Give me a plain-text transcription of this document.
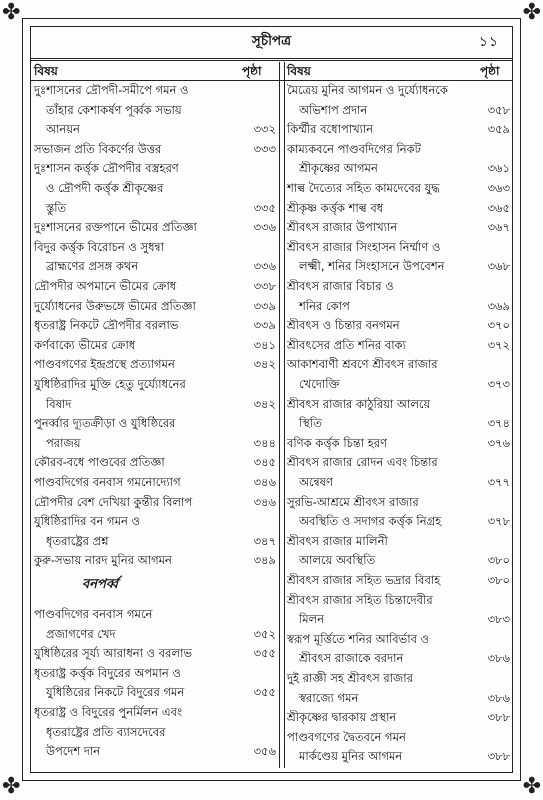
✤	✤
✤	✤
সূচীপত্র	১১
বিষয়	পৃষ্ঠা বিষয়	পৃষ্ঠা
দুঃশাসনের দ্রৌপদী-সমীপে গমন ও
তাঁহার কেশাকর্ষণ পূর্ব্বক সভায়
আনয়ন	৩৩২
সভাজন প্রতি বিকর্ণের উত্তর	৩৩৩
দুঃশাসন কর্ত্তৃক দ্রৌপদীর বস্ত্রহরণ
ও দ্রৌপদী কর্ত্তৃক শ্রীকৃষ্ণের
স্তুতি	৩৩৫
দুঃশাসনের রক্তপানে ভীমের প্রতিজ্ঞা	৩৩৬
বিদুর কর্ত্তৃক বিরোচন ও সুধন্বা
ব্রাহ্মণের প্রসঙ্গ কথন	৩৩৬
দ্রৌপদীর অপমানে ভীমের ক্রোধ	৩৩৮
দুর্য্যোধনের উরুভঙ্গে ভীমের প্রতিজ্ঞা	৩৩৯
ধৃতরাষ্ট্র নিকটে দ্রৌপদীর বরলাভ	৩৩৯
কর্ণবাক্যে ভীমের ক্রোধ	৩৪১
পাণ্ডবগণের ইন্দ্রপ্রস্থে প্রত্যাগমন	৩৪২
যুধিষ্ঠিরাদির মুক্তি হেতু দুর্য্যোধনের
বিষাদ	৩৪২
পুনর্ব্বার দ্যূতক্রীড়া ও যুধিষ্ঠিরের
পরাজয়	৩৪৪
কৌরব-বধে পাণ্ডবের প্রতিজ্ঞা	৩৪৫
পাণ্ডবদিগের বনবাস গমনোদ্যোগ	৩৪৬
দ্রৌপদীর বেশ দেখিয়া কুন্তীর বিলাপ	৩৪৬
যুধিষ্ঠিরাদির বন গমন ও
ধৃতরাষ্ট্রের প্রশ্ন	৩৪৭
কুরু-সভায় নারদ মুনির আগমন	৩৪৯
বনপর্ব্ব
পাণ্ডবদিগের বনবাস গমনে
প্রজাগণের খেদ	৩৫২
যুধিষ্ঠিরের সূর্য্য আরাধনা ও বরলাভ	৩৫৫
ধৃতরাষ্ট্র কর্ত্তৃক বিদুরের অপমান ও
যুধিষ্ঠিরের নিকটে বিদুরের গমন	৩৫৫
ধৃতরাষ্ট্র ও বিদুরের পুনর্মিলন এবং
ধৃতরাষ্ট্রের প্রতি ব্যাসদেবের
উপদেশ দান	৩৫৬
মৈত্রেয় মুনির আগমন ও দুর্য্যোধনকে
অভিশাপ প্রদান	৩৫৮
কির্ম্মীর বধোপাখ্যান	৩৫৯
কাম্যকবনে পাণ্ডবদিগের নিকট
শ্রীকৃষ্ণের আগমন	৩৬১
শাল্ব দৈত্যের সহিত কামদেবের যুদ্ধ	৩৬৩
শ্রীকৃষ্ণ কর্ত্তৃক শাল্ব বধ	৩৬৫
শ্রীবৎস রাজার উপাখ্যান	৩৬৭
শ্রীবৎস রাজার সিংহাসন নির্ম্মাণ ও
লক্ষ্মী, শনির সিংহাসনে উপবেশন	৩৬৮
শ্রীবৎস রাজার বিচার ও
শনির কোপ	৩৬৯
শ্রীবৎস ও চিন্তার বনগমন	৩৭০
শ্রীবৎসের প্রতি শনির বাক্য	৩৭২
আকাশবাণী শ্রবণে শ্রীবৎস রাজার
খেদোক্তি	৩৭৩
শ্রীবৎস রাজার কাঠুরিয়া আলয়ে
স্থিতি	৩৭৪
বণিক কর্ত্তৃক চিন্তা হরণ	৩৭৬
শ্রীবৎস রাজার রোদন এবং চিন্তার
অন্বেষণ	৩৭৭
সুরভি-আশ্রমে শ্রীবৎস রাজার
অবস্থিতি ও সদাগর কর্ত্তৃক নিগ্রহ	৩৭৮
শ্রীবৎস রাজার মালিনী
আলয়ে অবস্থিতি	৩৮০
শ্রীবৎস রাজার সহিত ভদ্রার বিবাহ	৩৮০
শ্রীবৎস রাজার সহিত চিন্তাদেবীর
মিলন	৩৮৩
স্বরূপ মূর্ত্তিতে শনির আবির্ভাব ও
শ্রীবৎস রাজাকে বরদান	৩৮৬
দুই রাজ্ঞী সহ শ্রীবৎস রাজার
স্বরাজ্যে গমন	৩৮৬
শ্রীকৃষ্ণের দ্বারকায় প্রস্থান	৩৮৮
পাণ্ডবগণের দ্বৈতবনে গমন
মার্কণ্ডেয় মুনির আগমন	৩৮৮
